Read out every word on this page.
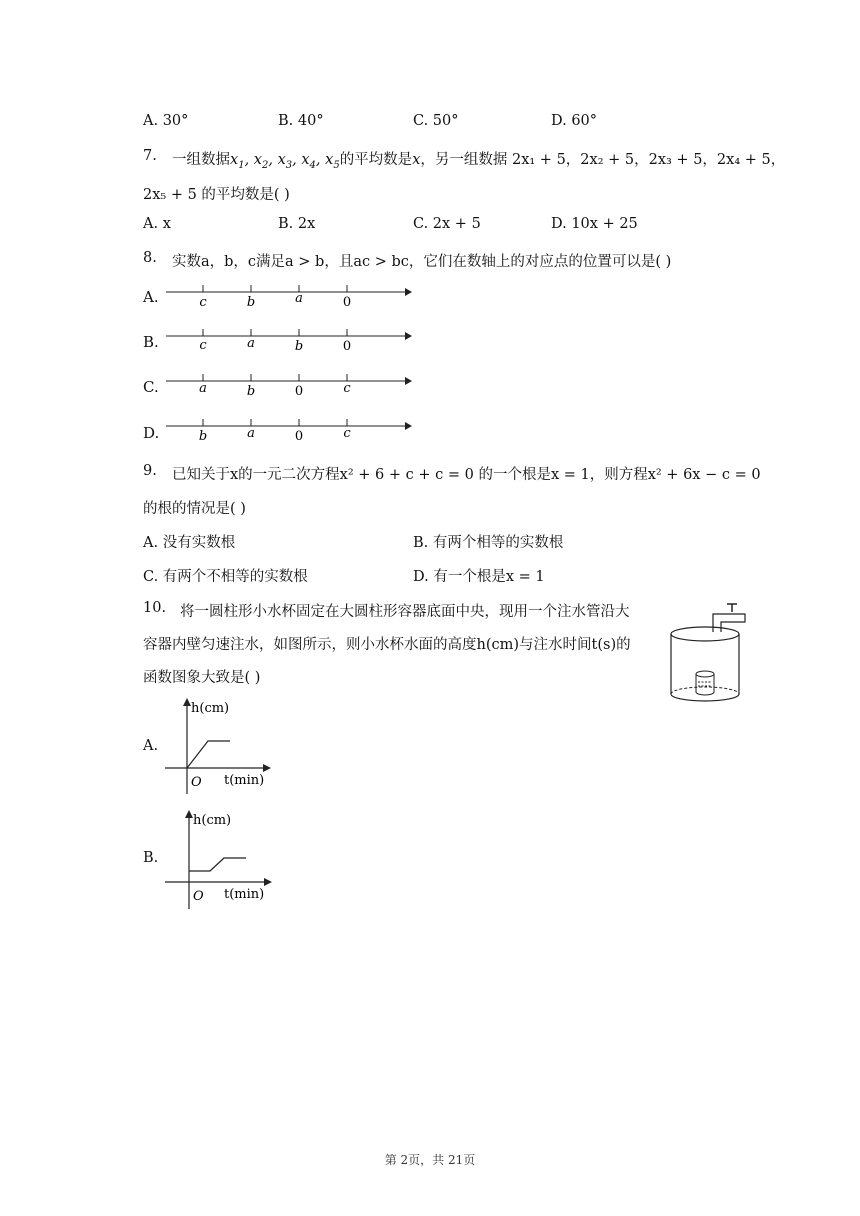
A. 30°	B. 40°	C. 50°	D. 60°
7. 一组数据$x_1$, $x_2$, $x_3$, $x_4$, $x_5$的平均数是x，另一组数据 2x₁ + 5，2x₂ + 5，2x₃ + 5，2x₄ + 5，
2x₅ + 5 的平均数是( )
A. x	B. 2x	C. 2x + 5	D. 10x + 25
8. 实数a，b，c满足a > b，且ac > bc，它们在数轴上的对应点的位置可以是( )
A.	c	b	a	0
B.	c	a	b	0
C.	a	b	0	c
D.	b	a	0	c
9. 已知关于x的一元二次方程x² + 6 + c + c = 0 的一个根是x = 1，则方程x² + 6x − c = 0
的根的情况是( )
A. 没有实数根	B. 有两个相等的实数根
C. 有两个不相等的实数根	D. 有一个根是x = 1
10. 将一圆柱形小水杯固定在大圆柱形容器底面中央，现用一个注水管沿大
容器内壁匀速注水，如图所示，则小水杯水面的高度h(cm)与注水时间t(s)的
函数图象大致是( )
A.
h(cm)
O t(min)
B.
h(cm)
O t(min)
第 2页，共 21页
